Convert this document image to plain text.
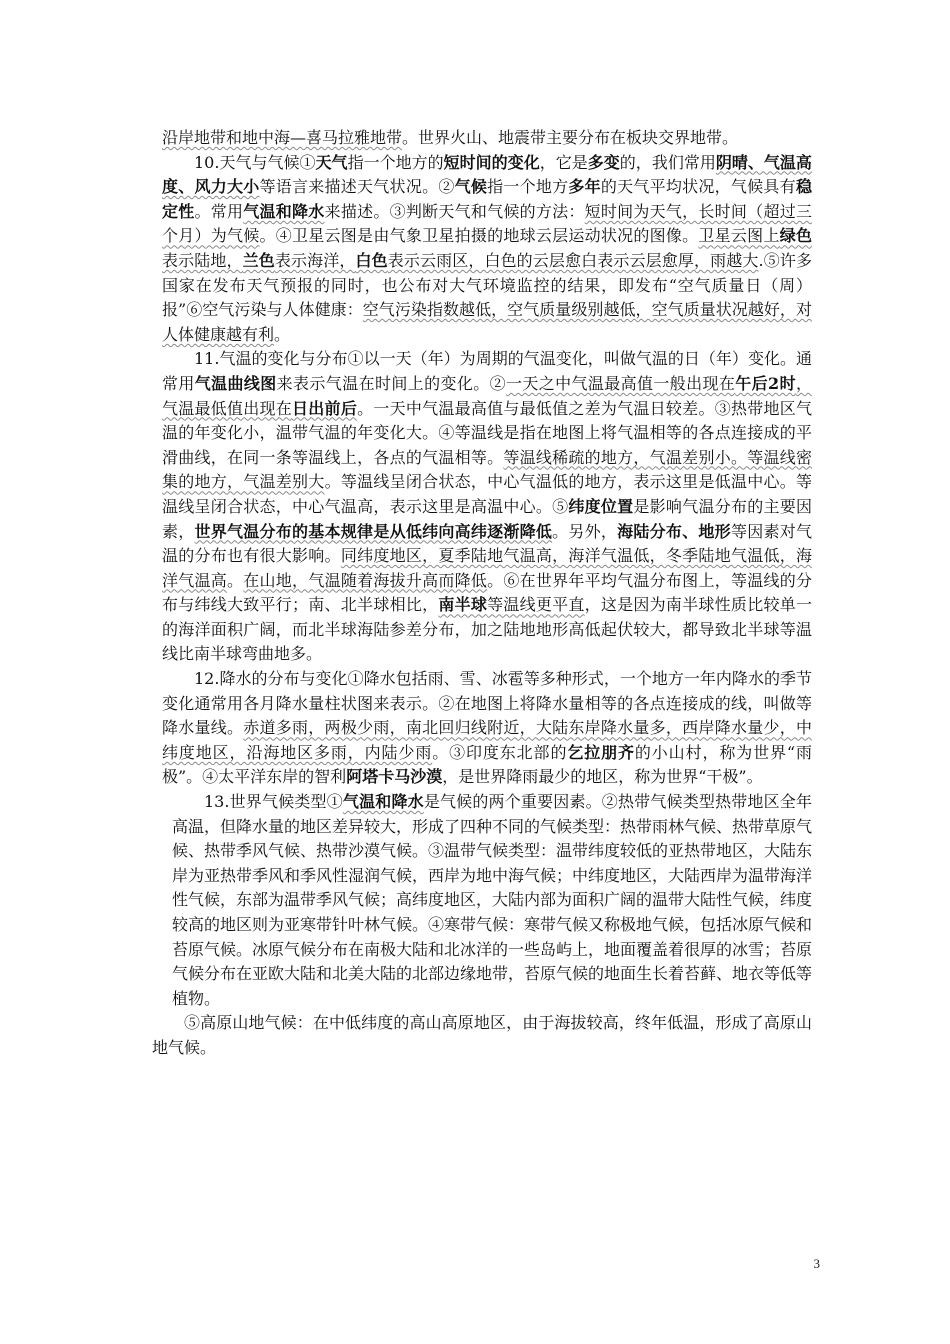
沿岸地带和地中海—喜马拉雅地带。世界火山、地震带主要分布在板块交界地带。

10.天气与气候①天气指一个地方的短时间的变化，它是多变的，我们常用阴晴、气温高度、风力大小等语言来描述天气状况。②气候指一个地方多年的天气平均状况，气候具有稳定性。常用气温和降水来描述。③判断天气和气候的方法：短时间为天气，长时间（超过三个月）为气候。④卫星云图是由气象卫星拍摄的地球云层运动状况的图像。卫星云图上绿色表示陆地，兰色表示海洋，白色表示云雨区，白色的云层愈白表示云层愈厚，雨越大.⑤许多国家在发布天气预报的同时，也公布对大气环境监控的结果，即发布“空气质量日（周）报”⑥空气污染与人体健康：空气污染指数越低，空气质量级别越低，空气质量状况越好，对人体健康越有利。

11.气温的变化与分布①以一天（年）为周期的气温变化，叫做气温的日（年）变化。通常用气温曲线图来表示气温在时间上的变化。②一天之中气温最高值一般出现在午后2时，气温最低值出现在日出前后。一天中气温最高值与最低值之差为气温日较差。③热带地区气温的年变化小，温带气温的年变化大。④等温线是指在地图上将气温相等的各点连接成的平滑曲线，在同一条等温线上，各点的气温相等。等温线稀疏的地方，气温差别小。等温线密集的地方，气温差别大。等温线呈闭合状态，中心气温低的地方，表示这里是低温中心。等温线呈闭合状态，中心气温高，表示这里是高温中心。⑤纬度位置是影响气温分布的主要因素，世界气温分布的基本规律是从低纬向高纬逐渐降低。另外，海陆分布、地形等因素对气温的分布也有很大影响。同纬度地区，夏季陆地气温高，海洋气温低，冬季陆地气温低，海洋气温高。在山地，气温随着海拔升高而降低。⑥在世界年平均气温分布图上，等温线的分布与纬线大致平行；南、北半球相比，南半球等温线更平直，这是因为南半球性质比较单一的海洋面积广阔，而北半球海陆参差分布，加之陆地地形高低起伏较大，都导致北半球等温线比南半球弯曲地多。

12.降水的分布与变化①降水包括雨、雪、冰雹等多种形式，一个地方一年内降水的季节变化通常用各月降水量柱状图来表示。②在地图上将降水量相等的各点连接成的线，叫做等降水量线。赤道多雨，两极少雨，南北回归线附近，大陆东岸降水量多，西岸降水量少，中纬度地区，沿海地区多雨，内陆少雨。③印度东北部的乞拉朋齐的小山村，称为世界“雨极”。④太平洋东岸的智利阿塔卡马沙漠，是世界降雨最少的地区，称为世界“干极”。

13.世界气候类型①气温和降水是气候的两个重要因素。②热带气候类型热带地区全年高温，但降水量的地区差异较大，形成了四种不同的气候类型：热带雨林气候、热带草原气候、热带季风气候、热带沙漠气候。③温带气候类型：温带纬度较低的亚热带地区，大陆东岸为亚热带季风和季风性湿润气候，西岸为地中海气候；中纬度地区，大陆西岸为温带海洋性气候，东部为温带季风气候；高纬度地区，大陆内部为面积广阔的温带大陆性气候，纬度较高的地区则为亚寒带针叶林气候。④寒带气候：寒带气候又称极地气候，包括冰原气候和苔原气候。冰原气候分布在南极大陆和北冰洋的一些岛屿上，地面覆盖着很厚的冰雪；苔原气候分布在亚欧大陆和北美大陆的北部边缘地带，苔原气候的地面生长着苔藓、地衣等低等植物。

⑤高原山地气候：在中低纬度的高山高原地区，由于海拔较高，终年低温，形成了高原山地气候。

3
